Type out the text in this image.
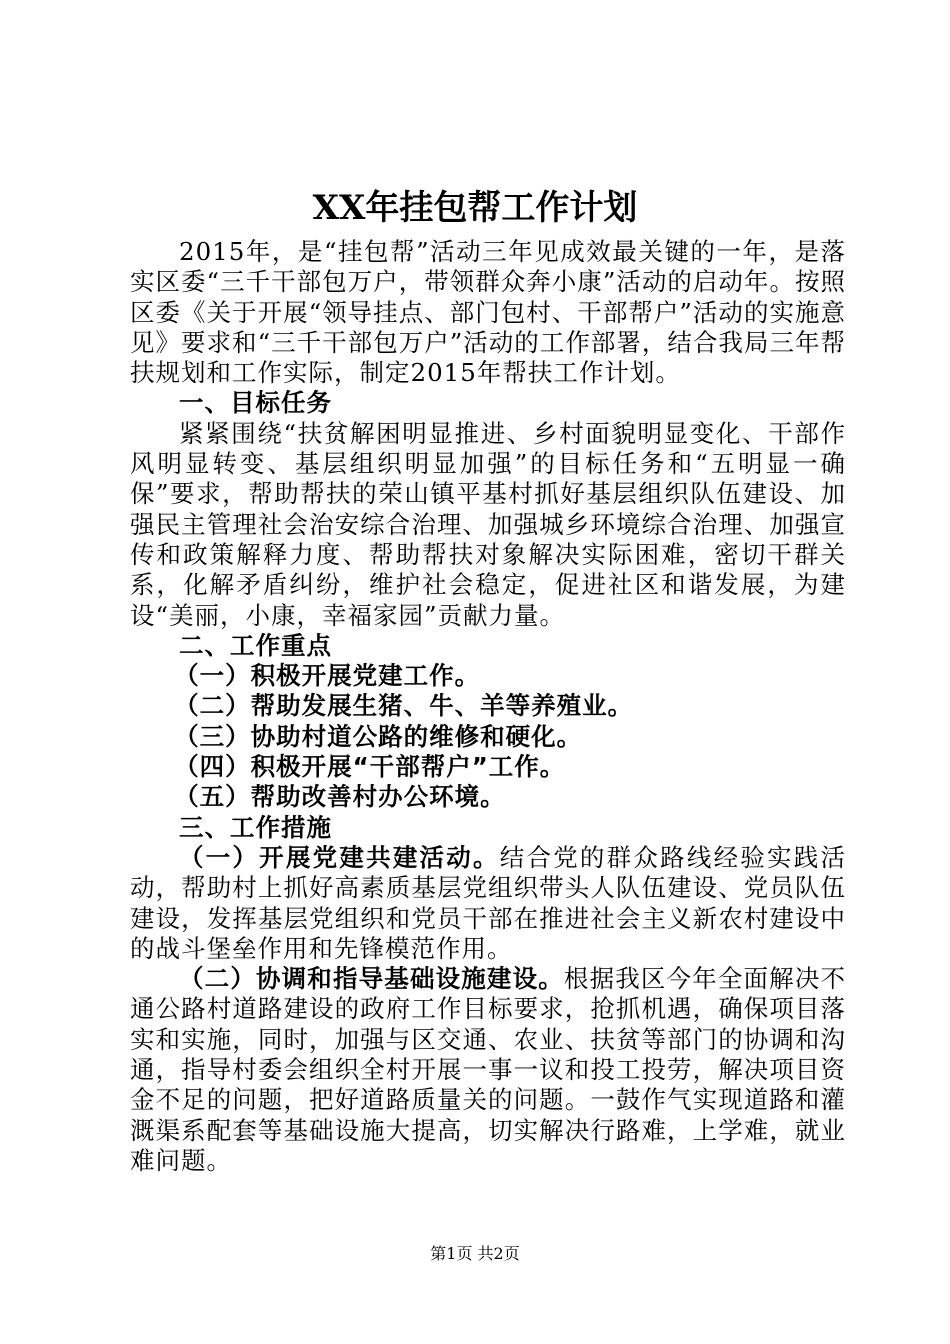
XX年挂包帮工作计划

2015年，是“挂包帮”活动三年见成效最关键的一年，是落实区委“三千干部包万户，带领群众奔小康”活动的启动年。按照区委《关于开展“领导挂点、部门包村、干部帮户”活动的实施意见》要求和“三千干部包万户”活动的工作部署，结合我局三年帮扶规划和工作实际，制定2015年帮扶工作计划。

一、目标任务

紧紧围绕“扶贫解困明显推进、乡村面貌明显变化、干部作风明显转变、基层组织明显加强”的目标任务和“五明显一确保”要求，帮助帮扶的荣山镇平基村抓好基层组织队伍建设、加强民主管理社会治安综合治理、加强城乡环境综合治理、加强宣传和政策解释力度、帮助帮扶对象解决实际困难，密切干群关系，化解矛盾纠纷，维护社会稳定，促进社区和谐发展，为建设“美丽，小康，幸福家园”贡献力量。

二、工作重点

（一）积极开展党建工作。

（二）帮助发展生猪、牛、羊等养殖业。

（三）协助村道公路的维修和硬化。

（四）积极开展“干部帮户”工作。

（五）帮助改善村办公环境。

三、工作措施

（一）开展党建共建活动。结合党的群众路线经验实践活动，帮助村上抓好高素质基层党组织带头人队伍建设、党员队伍建设，发挥基层党组织和党员干部在推进社会主义新农村建设中的战斗堡垒作用和先锋模范作用。

（二）协调和指导基础设施建设。根据我区今年全面解决不通公路村道路建设的政府工作目标要求，抢抓机遇，确保项目落实和实施，同时，加强与区交通、农业、扶贫等部门的协调和沟通，指导村委会组织全村开展一事一议和投工投劳，解决项目资金不足的问题，把好道路质量关的问题。一鼓作气实现道路和灌溉渠系配套等基础设施大提高，切实解决行路难，上学难，就业难问题。

第1页 共2页
